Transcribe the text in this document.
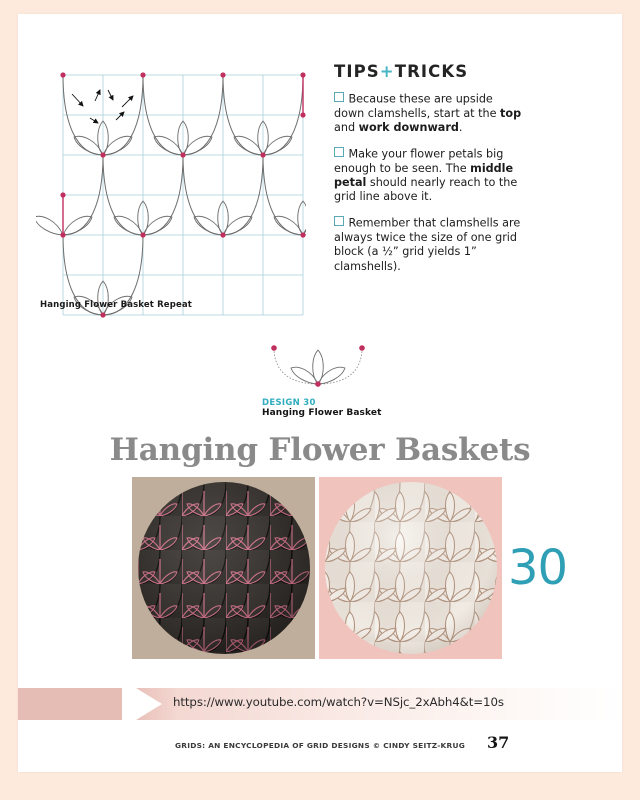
Hanging Flower Basket Repeat
TIPS+TRICKS
Because these are upside down clamshells, start at the top and work downward.
Make your flower petals big enough to be seen. The middle petal should nearly reach to the grid line above it.
Remember that clamshells are always twice the size of one grid block (a ½” grid yields 1” clamshells).
DESIGN 30
Hanging Flower Basket
Hanging Flower Baskets
30
https://www.youtube.com/watch?v=NSjc_2xAbh4&t=10s
GRIDS: AN ENCYCLOPEDIA OF GRID DESIGNS © CINDY SEITZ-KRUG	37
